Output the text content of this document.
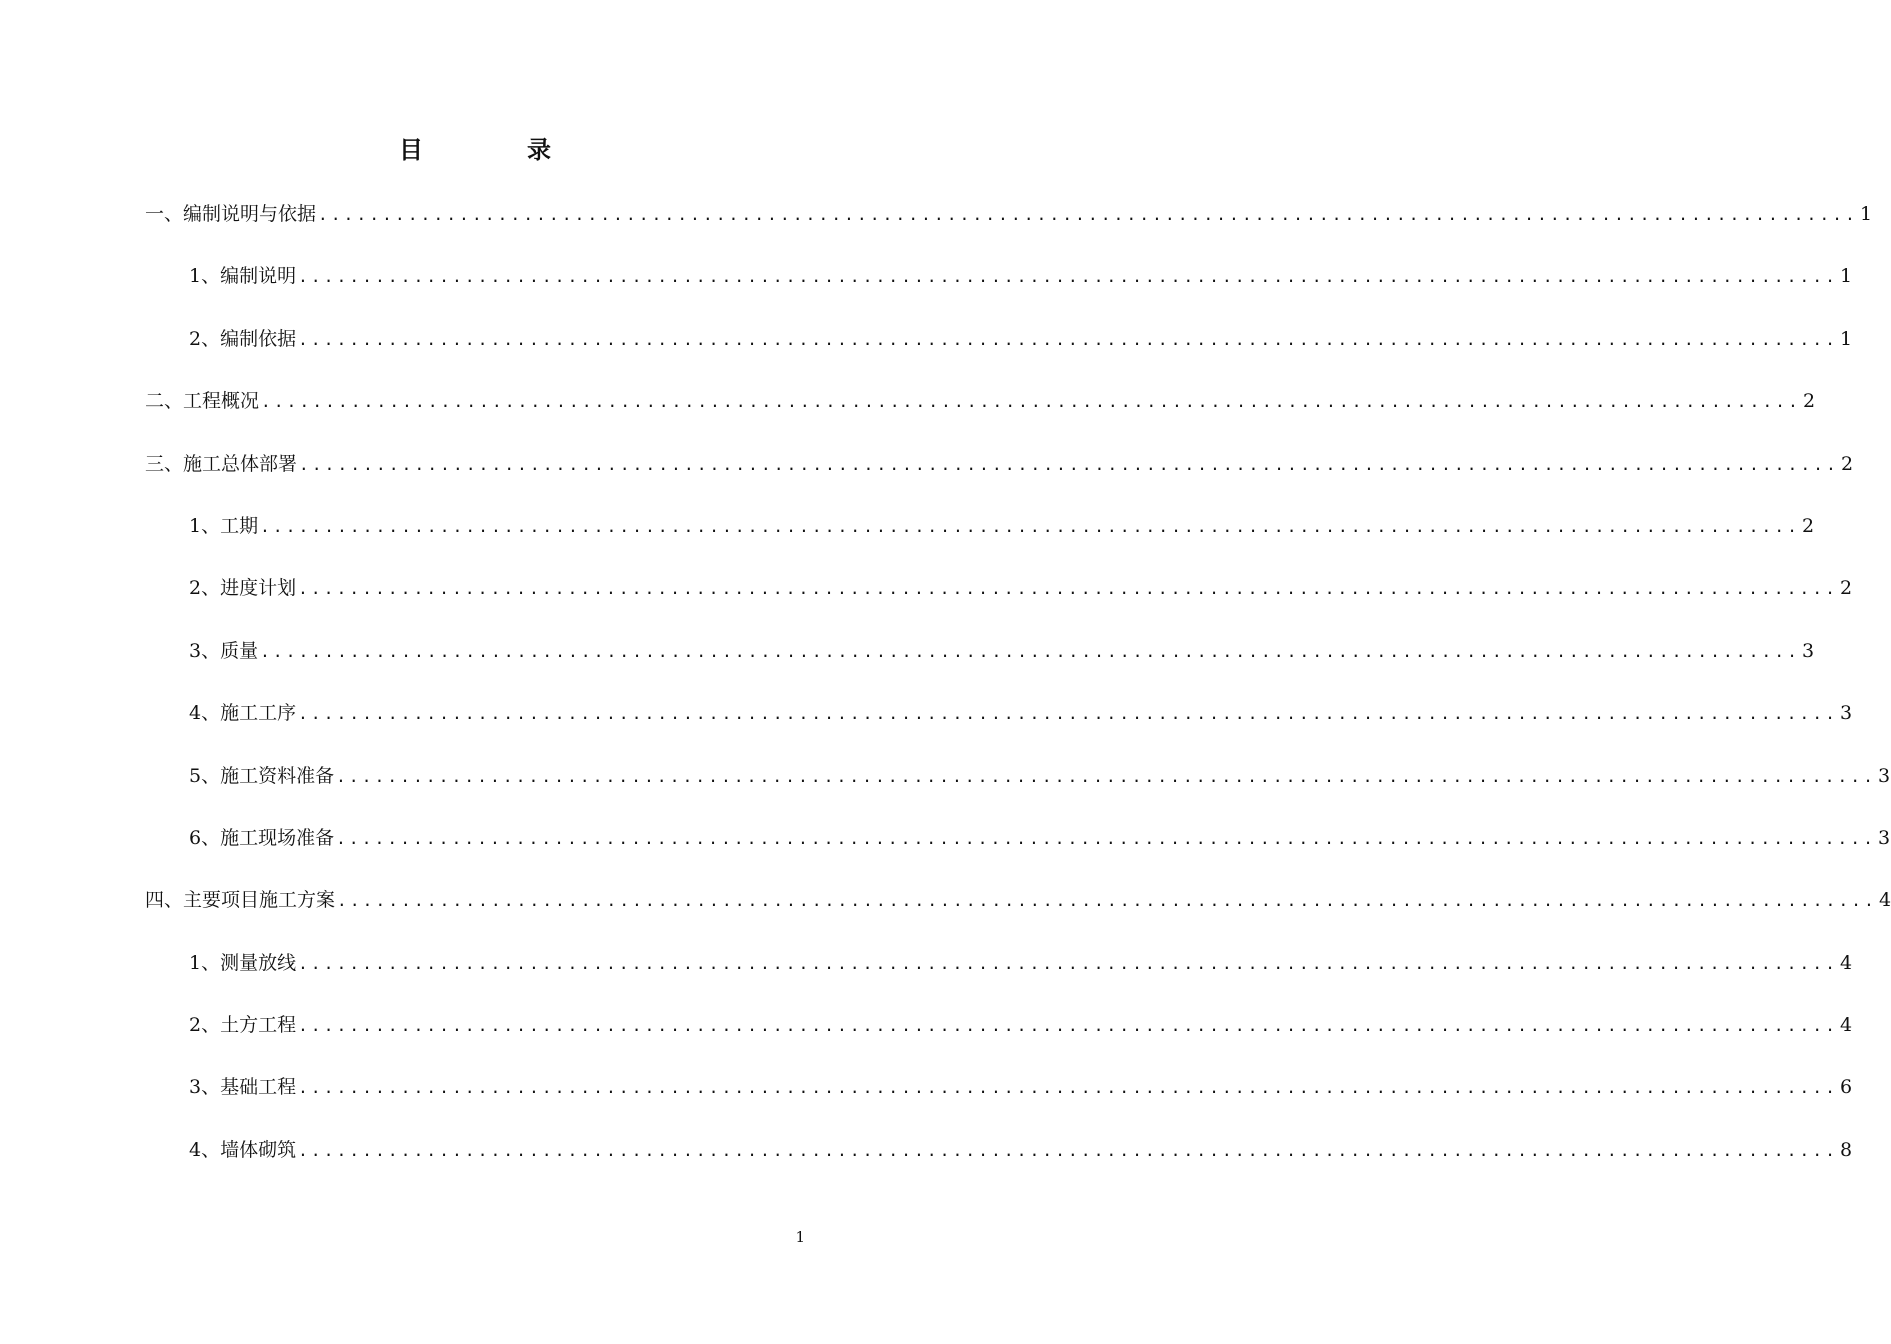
目　录
一、编制说明与依据 ........................................................................................................................ 1
1、编制说明 ........................................................................................................................ 1
2、编制依据 ........................................................................................................................ 1
二、工程概况 ........................................................................................................................ 2
三、施工总体部署 ........................................................................................................................ 2
1、工期 ........................................................................................................................ 2
2、进度计划 ........................................................................................................................ 2
3、质量 ........................................................................................................................ 3
4、施工工序 ........................................................................................................................ 3
5、施工资料准备 ........................................................................................................................ 3
6、施工现场准备 ........................................................................................................................ 3
四、主要项目施工方案 ........................................................................................................................ 4
1、测量放线 ........................................................................................................................ 4
2、土方工程 ........................................................................................................................ 4
3、基础工程 ........................................................................................................................ 6
4、墙体砌筑 ........................................................................................................................ 8
1
